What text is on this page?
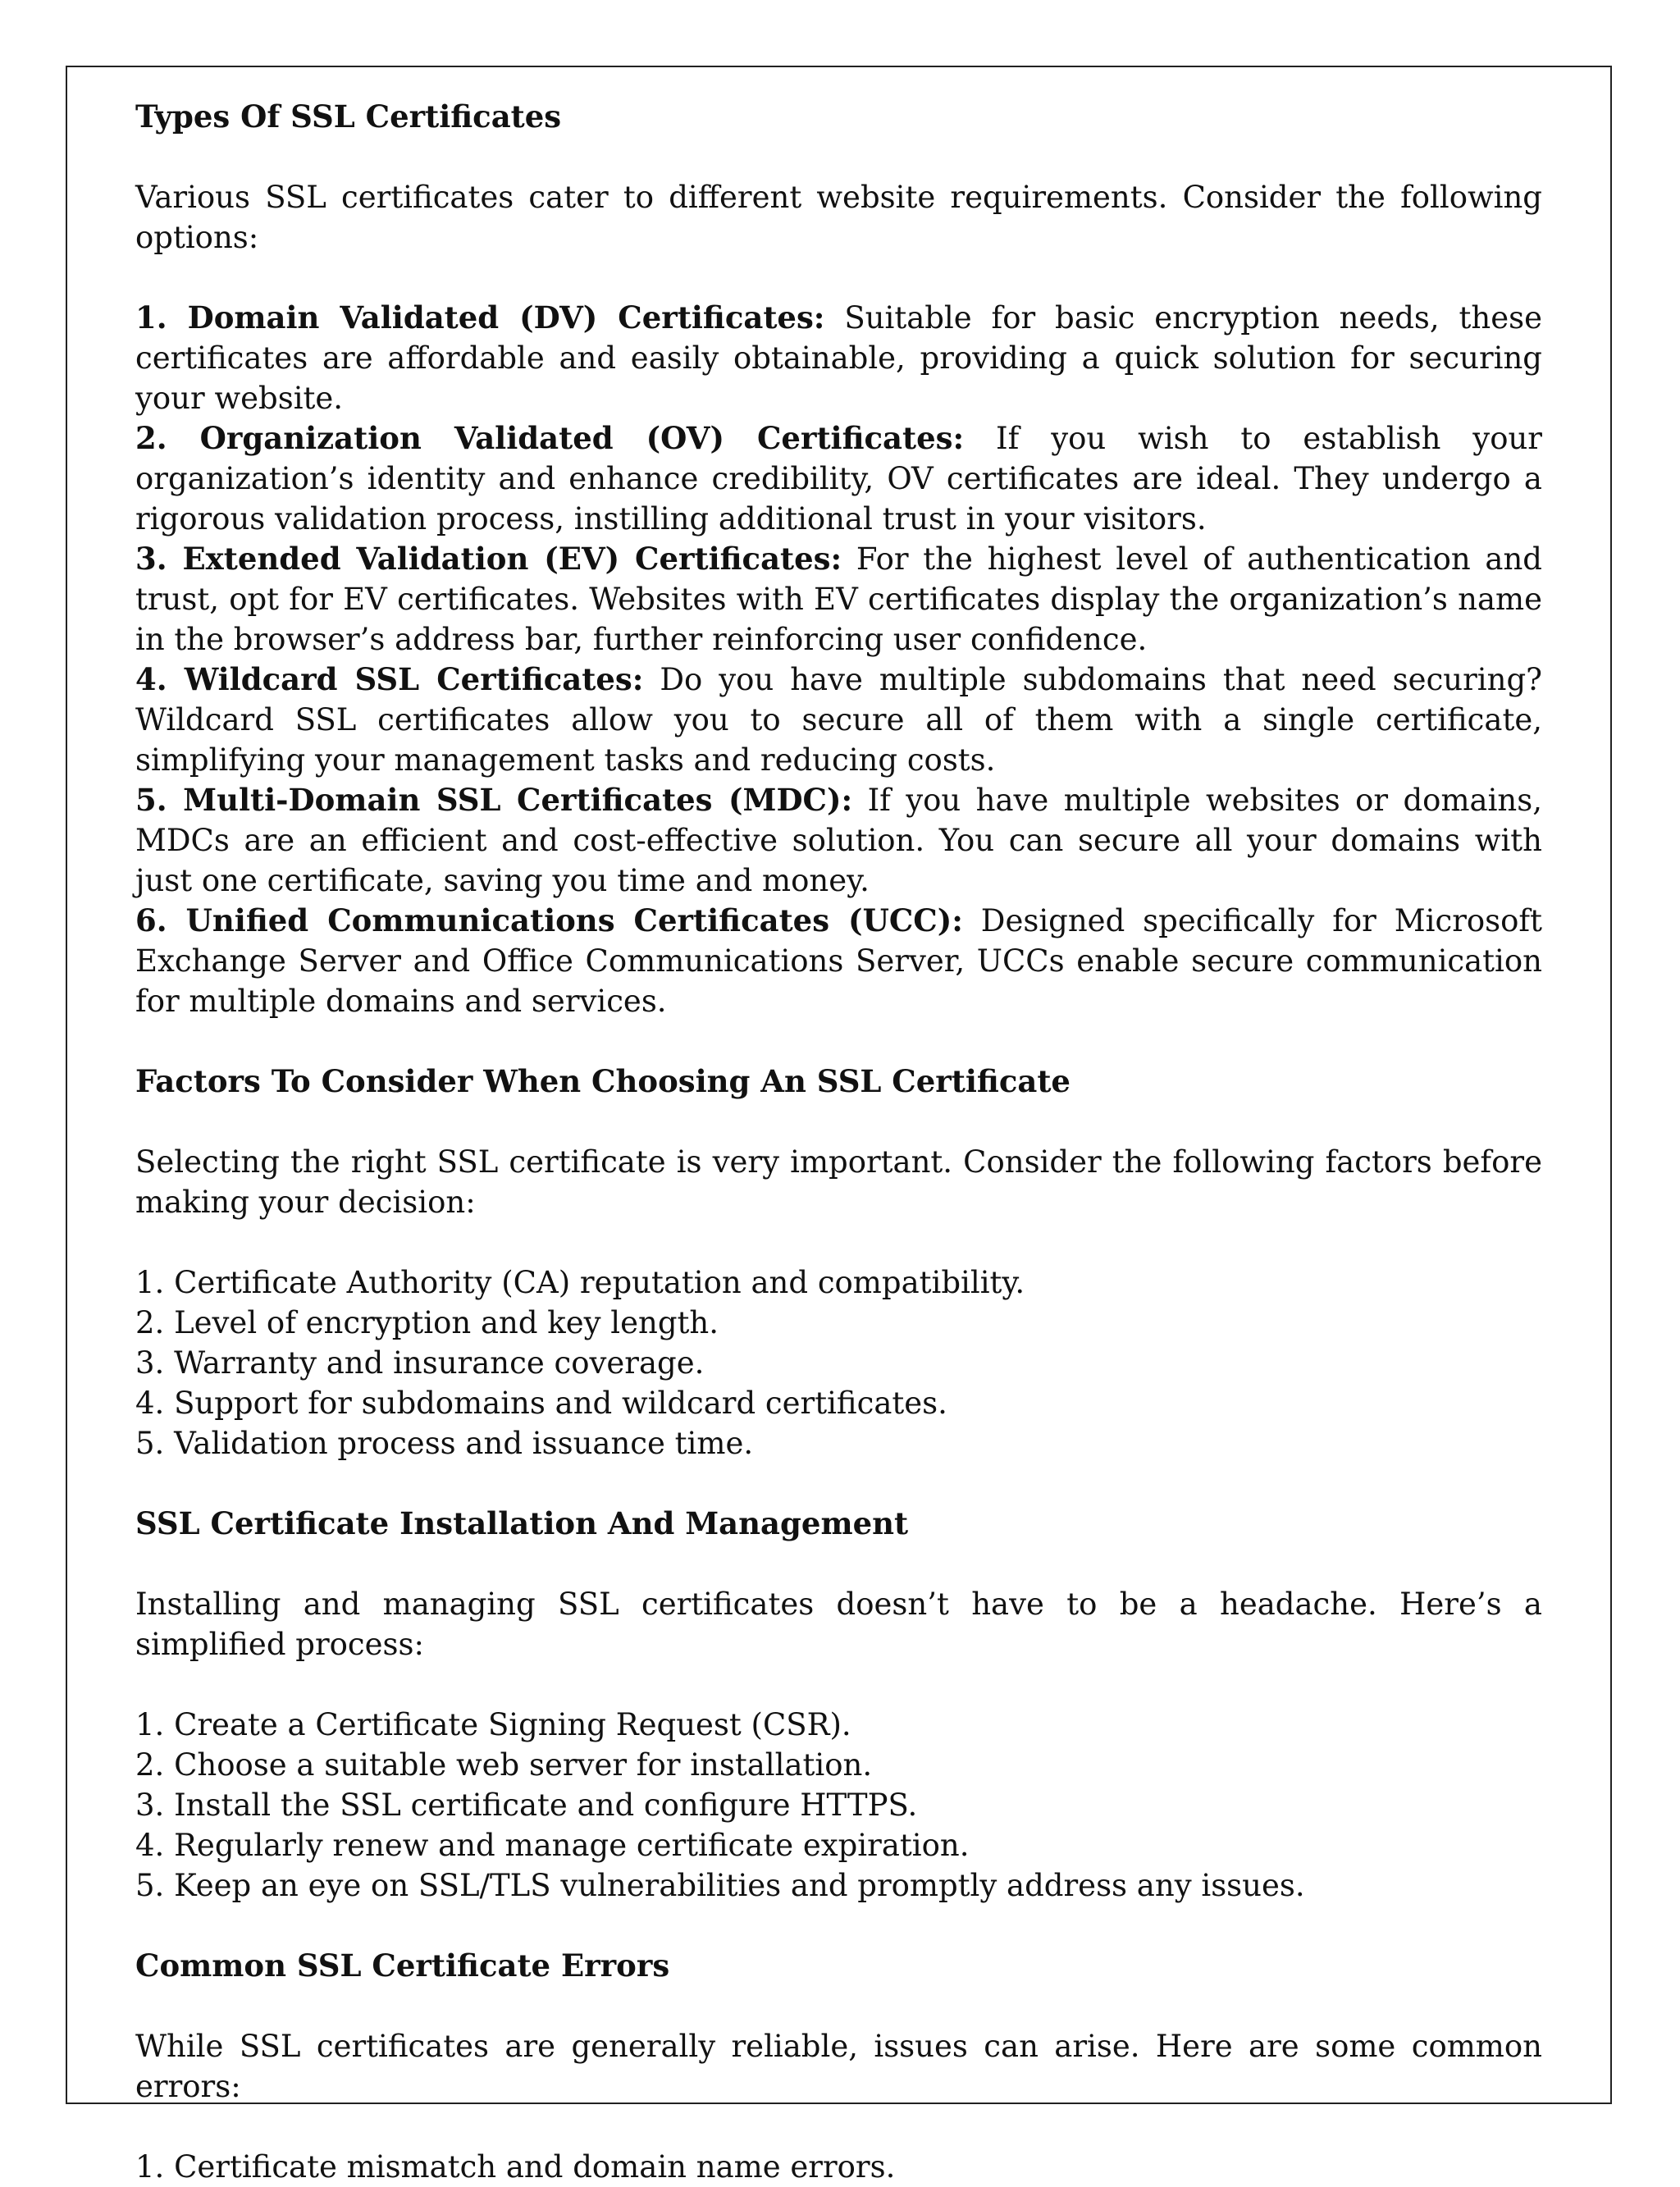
Types Of SSL Certificates

Various SSL certificates cater to different website requirements. Consider the following options:

1. Domain Validated (DV) Certificates: Suitable for basic encryption needs, these certificates are affordable and easily obtainable, providing a quick solution for securing your website.

2. Organization Validated (OV) Certificates: If you wish to establish your organization’s identity and enhance credibility, OV certificates are ideal. They undergo a rigorous validation process, instilling additional trust in your visitors.

3. Extended Validation (EV) Certificates: For the highest level of authentication and trust, opt for EV certificates. Websites with EV certificates display the organization’s name in the browser’s address bar, further reinforcing user confidence.

4. Wildcard SSL Certificates: Do you have multiple subdomains that need securing? Wildcard SSL certificates allow you to secure all of them with a single certificate, simplifying your management tasks and reducing costs.

5. Multi-Domain SSL Certificates (MDC): If you have multiple websites or domains, MDCs are an efficient and cost-effective solution. You can secure all your domains with just one certificate, saving you time and money.

6. Unified Communications Certificates (UCC): Designed specifically for Microsoft Exchange Server and Office Communications Server, UCCs enable secure communication for multiple domains and services.

Factors To Consider When Choosing An SSL Certificate

Selecting the right SSL certificate is very important. Consider the following factors before making your decision:

1. Certificate Authority (CA) reputation and compatibility.

2. Level of encryption and key length.

3. Warranty and insurance coverage.

4. Support for subdomains and wildcard certificates.

5. Validation process and issuance time.

SSL Certificate Installation And Management

Installing and managing SSL certificates doesn’t have to be a headache. Here’s a simplified process:

1. Create a Certificate Signing Request (CSR).

2. Choose a suitable web server for installation.

3. Install the SSL certificate and configure HTTPS.

4. Regularly renew and manage certificate expiration.

5. Keep an eye on SSL/TLS vulnerabilities and promptly address any issues.

Common SSL Certificate Errors

While SSL certificates are generally reliable, issues can arise. Here are some common errors:

1. Certificate mismatch and domain name errors.
